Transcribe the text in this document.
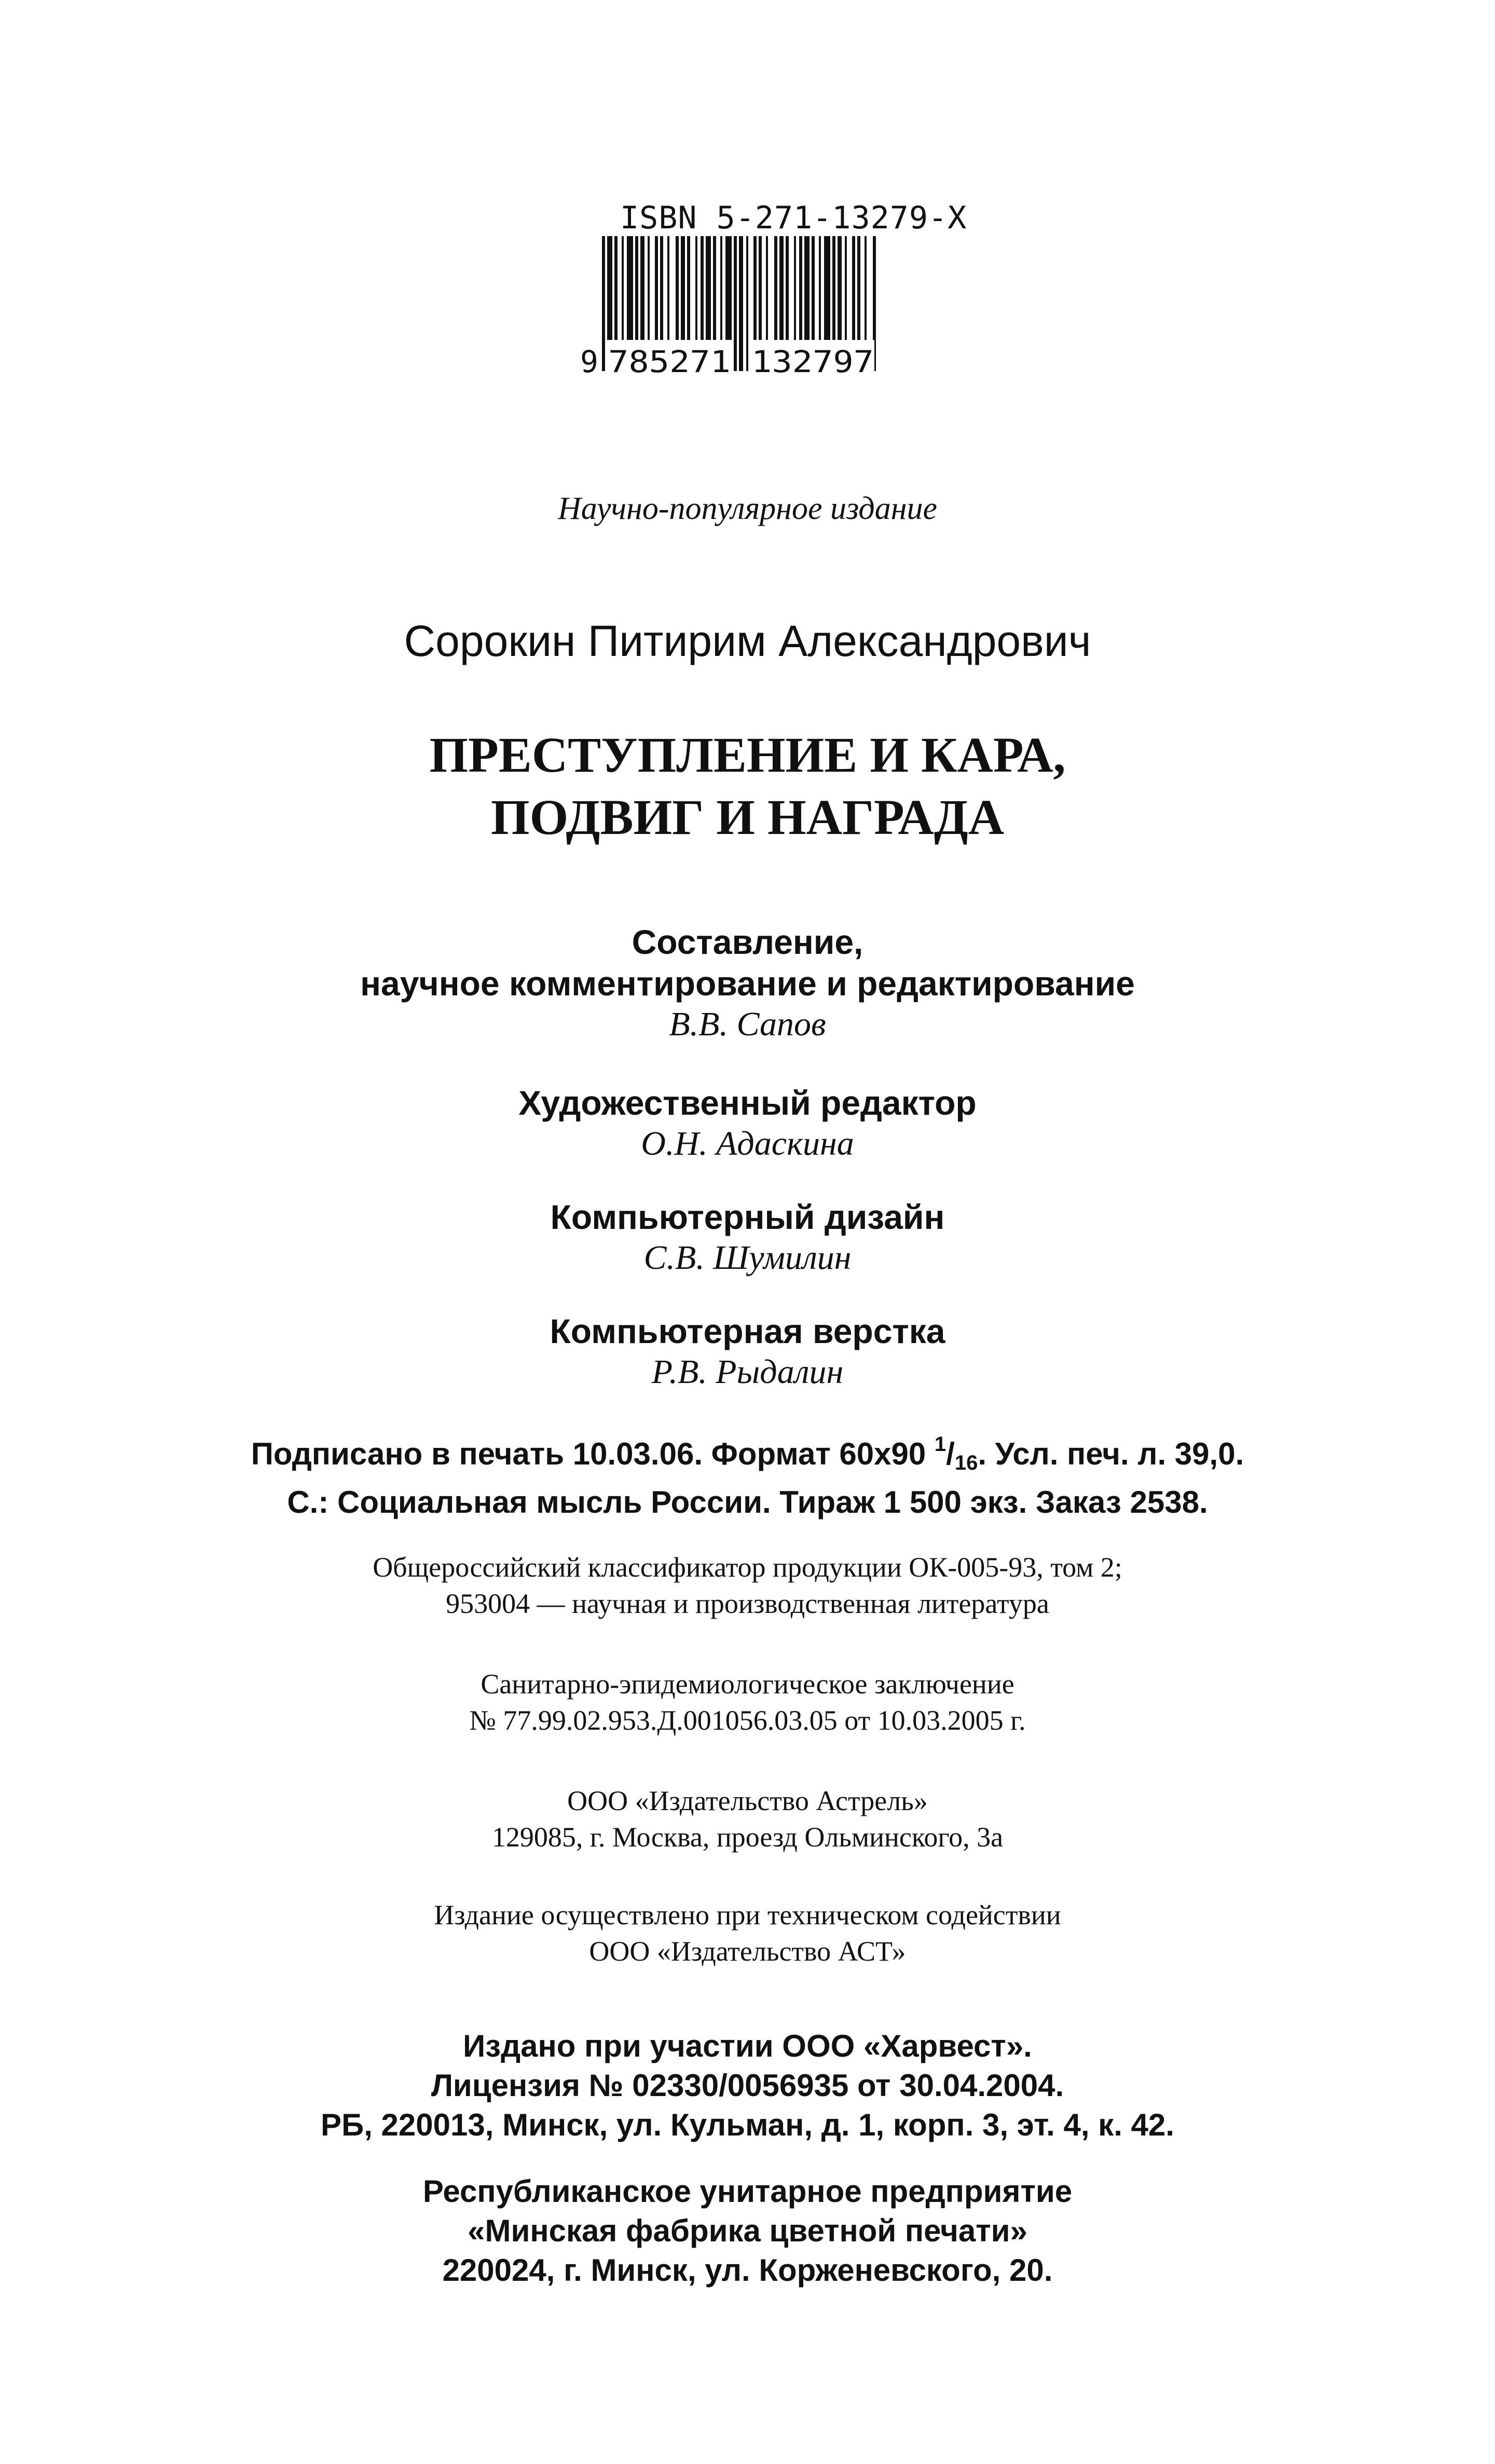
ISBN 5-271-13279-X
9 785271 132797
Научно-популярное издание
Сорокин Питирим Александрович
ПРЕСТУПЛЕНИЕ И КАРА,
ПОДВИГ И НАГРАДА
Составление,
научное комментирование и редактирование
В.В. Сапов
Художественный редактор
О.Н. Адаскина
Компьютерный дизайн
С.В. Шумилин
Компьютерная верстка
Р.В. Рыдалин
Подписано в печать 10.03.06. Формат 60х90 $^1$/16. Усл. печ. л. 39,0.
С.: Социальная мысль России. Тираж 1 500 экз. Заказ 2538.
Общероссийский классификатор продукции ОК-005-93, том 2;
953004 — научная и производственная литература
Санитарно-эпидемиологическое заключение
№ 77.99.02.953.Д.001056.03.05 от 10.03.2005 г.
ООО «Издательство Астрель»
129085, г. Москва, проезд Ольминского, 3а
Издание осуществлено при техническом содействии
ООО «Издательство АСТ»
Издано при участии ООО «Харвест».
Лицензия № 02330/0056935 от 30.04.2004.
РБ, 220013, Минск, ул. Кульман, д. 1, корп. 3, эт. 4, к. 42.
Республиканское унитарное предприятие
«Минская фабрика цветной печати»
220024, г. Минск, ул. Корженевского, 20.
